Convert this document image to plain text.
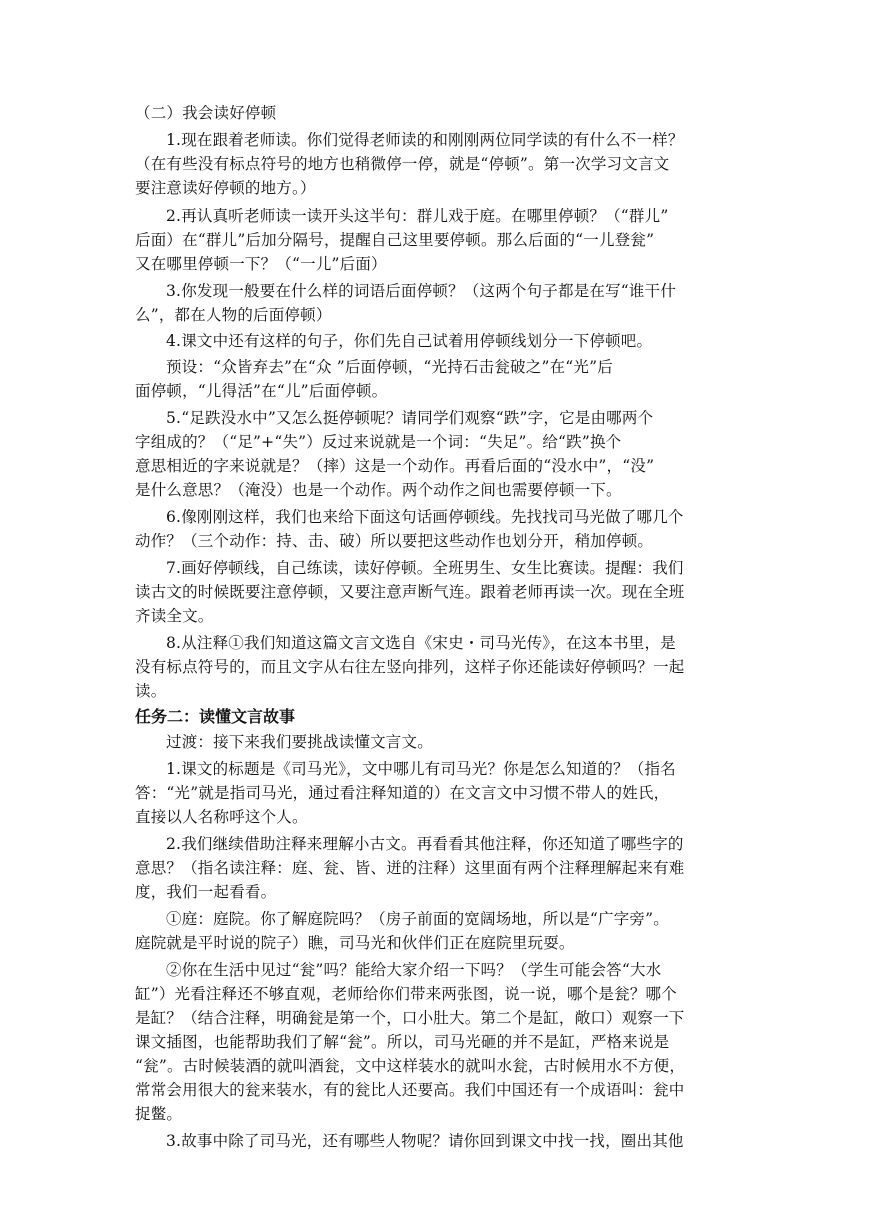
（二）我会读好停顿
1.现在跟着老师读。你们觉得老师读的和刚刚两位同学读的有什么不一样？
（在有些没有标点符号的地方也稍微停一停，就是“停顿”。第一次学习文言文
要注意读好停顿的地方。）
2.再认真听老师读一读开头这半句：群儿戏于庭。在哪里停顿？（“群儿”
后面）在“群儿”后加分隔号，提醒自己这里要停顿。那么后面的“一儿登瓮”
又在哪里停顿一下？（“一儿”后面）
3.你发现一般要在什么样的词语后面停顿？（这两个句子都是在写“谁干什
么”，都在人物的后面停顿）
4.课文中还有这样的句子，你们先自己试着用停顿线划分一下停顿吧。
预设：“众皆弃去”在“众 ”后面停顿，“光持石击瓮破之”在“光”后
面停顿，“儿得活”在“儿”后面停顿。
5.“足跌没水中”又怎么挺停顿呢？请同学们观察“跌”字，它是由哪两个
字组成的？（“足”+“失”）反过来说就是一个词：“失足”。给“跌”换个
意思相近的字来说就是？（摔）这是一个动作。再看后面的“没水中”，“没”
是什么意思？（淹没）也是一个动作。两个动作之间也需要停顿一下。
6.像刚刚这样，我们也来给下面这句话画停顿线。先找找司马光做了哪几个
动作？（三个动作：持、击、破）所以要把这些动作也划分开，稍加停顿。
7.画好停顿线，自己练读，读好停顿。全班男生、女生比赛读。提醒：我们
读古文的时候既要注意停顿，又要注意声断气连。跟着老师再读一次。现在全班
齐读全文。
8.从注释①我们知道这篇文言文选自《宋史・司马光传》，在这本书里，是
没有标点符号的，而且文字从右往左竖向排列，这样子你还能读好停顿吗？一起
读。
任务二：读懂文言故事
过渡：接下来我们要挑战读懂文言文。
1.课文的标题是《司马光》，文中哪儿有司马光？你是怎么知道的？（指名
答：“光”就是指司马光，通过看注释知道的）在文言文中习惯不带人的姓氏，
直接以人名称呼这个人。
2.我们继续借助注释来理解小古文。再看看其他注释，你还知道了哪些字的
意思？（指名读注释：庭、瓮、皆、迸的注释）这里面有两个注释理解起来有难
度，我们一起看看。
①庭：庭院。你了解庭院吗？（房子前面的宽阔场地，所以是“广字旁”。
庭院就是平时说的院子）瞧，司马光和伙伴们正在庭院里玩耍。
②你在生活中见过“瓮”吗？能给大家介绍一下吗？（学生可能会答“大水
缸”）光看注释还不够直观，老师给你们带来两张图，说一说，哪个是瓮？哪个
是缸？（结合注释，明确瓮是第一个，口小肚大。第二个是缸，敞口）观察一下
课文插图，也能帮助我们了解“瓮”。所以，司马光砸的并不是缸，严格来说是
“瓮”。古时候装酒的就叫酒瓮，文中这样装水的就叫水瓮，古时候用水不方便，
常常会用很大的瓮来装水，有的瓮比人还要高。我们中国还有一个成语叫：瓮中
捉鳖。
3.故事中除了司马光，还有哪些人物呢？请你回到课文中找一找，圈出其他
